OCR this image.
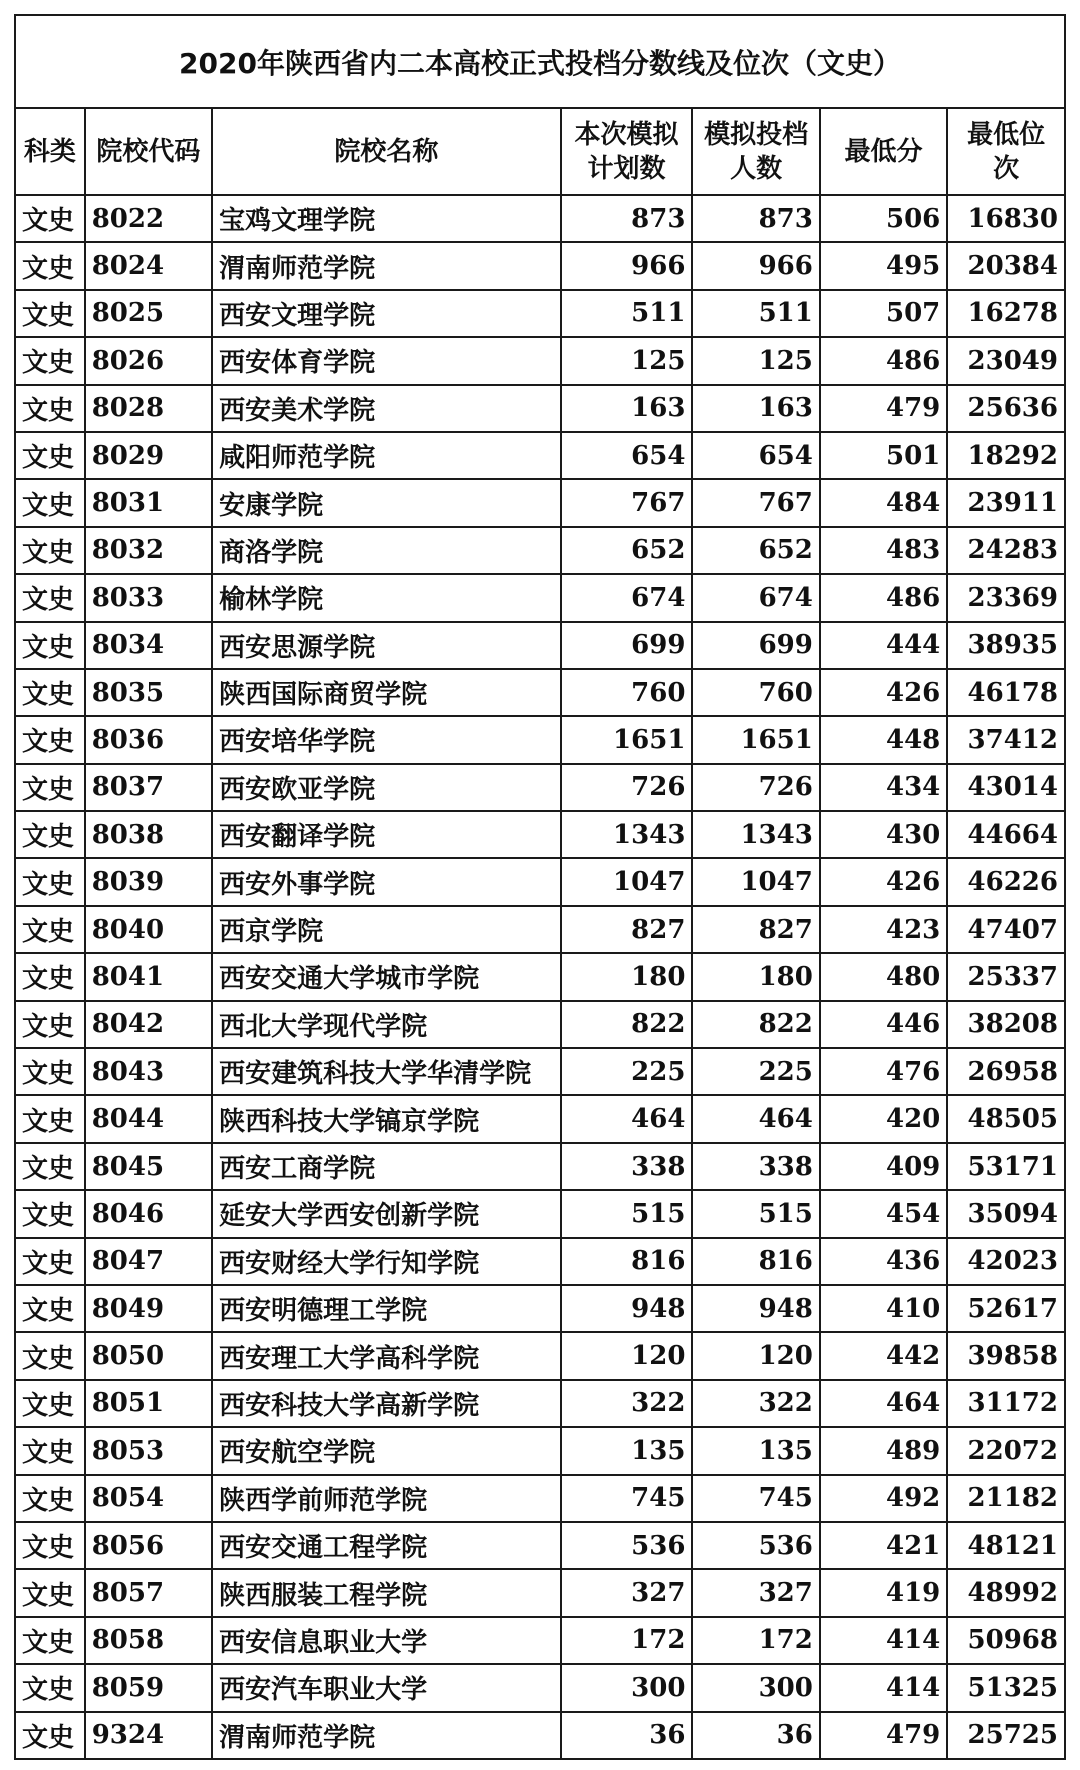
2020年陕西省内二本高校正式投档分数线及位次（文史）						
科类	院校代码	院校名称	本次模拟计划数	模拟投档人数	最低分	最低位次
文史	8022	宝鸡文理学院	873	873	506	16830
文史	8024	渭南师范学院	966	966	495	20384
文史	8025	西安文理学院	511	511	507	16278
文史	8026	西安体育学院	125	125	486	23049
文史	8028	西安美术学院	163	163	479	25636
文史	8029	咸阳师范学院	654	654	501	18292
文史	8031	安康学院	767	767	484	23911
文史	8032	商洛学院	652	652	483	24283
文史	8033	榆林学院	674	674	486	23369
文史	8034	西安思源学院	699	699	444	38935
文史	8035	陕西国际商贸学院	760	760	426	46178
文史	8036	西安培华学院	1651	1651	448	37412
文史	8037	西安欧亚学院	726	726	434	43014
文史	8038	西安翻译学院	1343	1343	430	44664
文史	8039	西安外事学院	1047	1047	426	46226
文史	8040	西京学院	827	827	423	47407
文史	8041	西安交通大学城市学院	180	180	480	25337
文史	8042	西北大学现代学院	822	822	446	38208
文史	8043	西安建筑科技大学华清学院	225	225	476	26958
文史	8044	陕西科技大学镐京学院	464	464	420	48505
文史	8045	西安工商学院	338	338	409	53171
文史	8046	延安大学西安创新学院	515	515	454	35094
文史	8047	西安财经大学行知学院	816	816	436	42023
文史	8049	西安明德理工学院	948	948	410	52617
文史	8050	西安理工大学高科学院	120	120	442	39858
文史	8051	西安科技大学高新学院	322	322	464	31172
文史	8053	西安航空学院	135	135	489	22072
文史	8054	陕西学前师范学院	745	745	492	21182
文史	8056	西安交通工程学院	536	536	421	48121
文史	8057	陕西服装工程学院	327	327	419	48992
文史	8058	西安信息职业大学	172	172	414	50968
文史	8059	西安汽车职业大学	300	300	414	51325
文史	9324	渭南师范学院	36	36	479	25725
